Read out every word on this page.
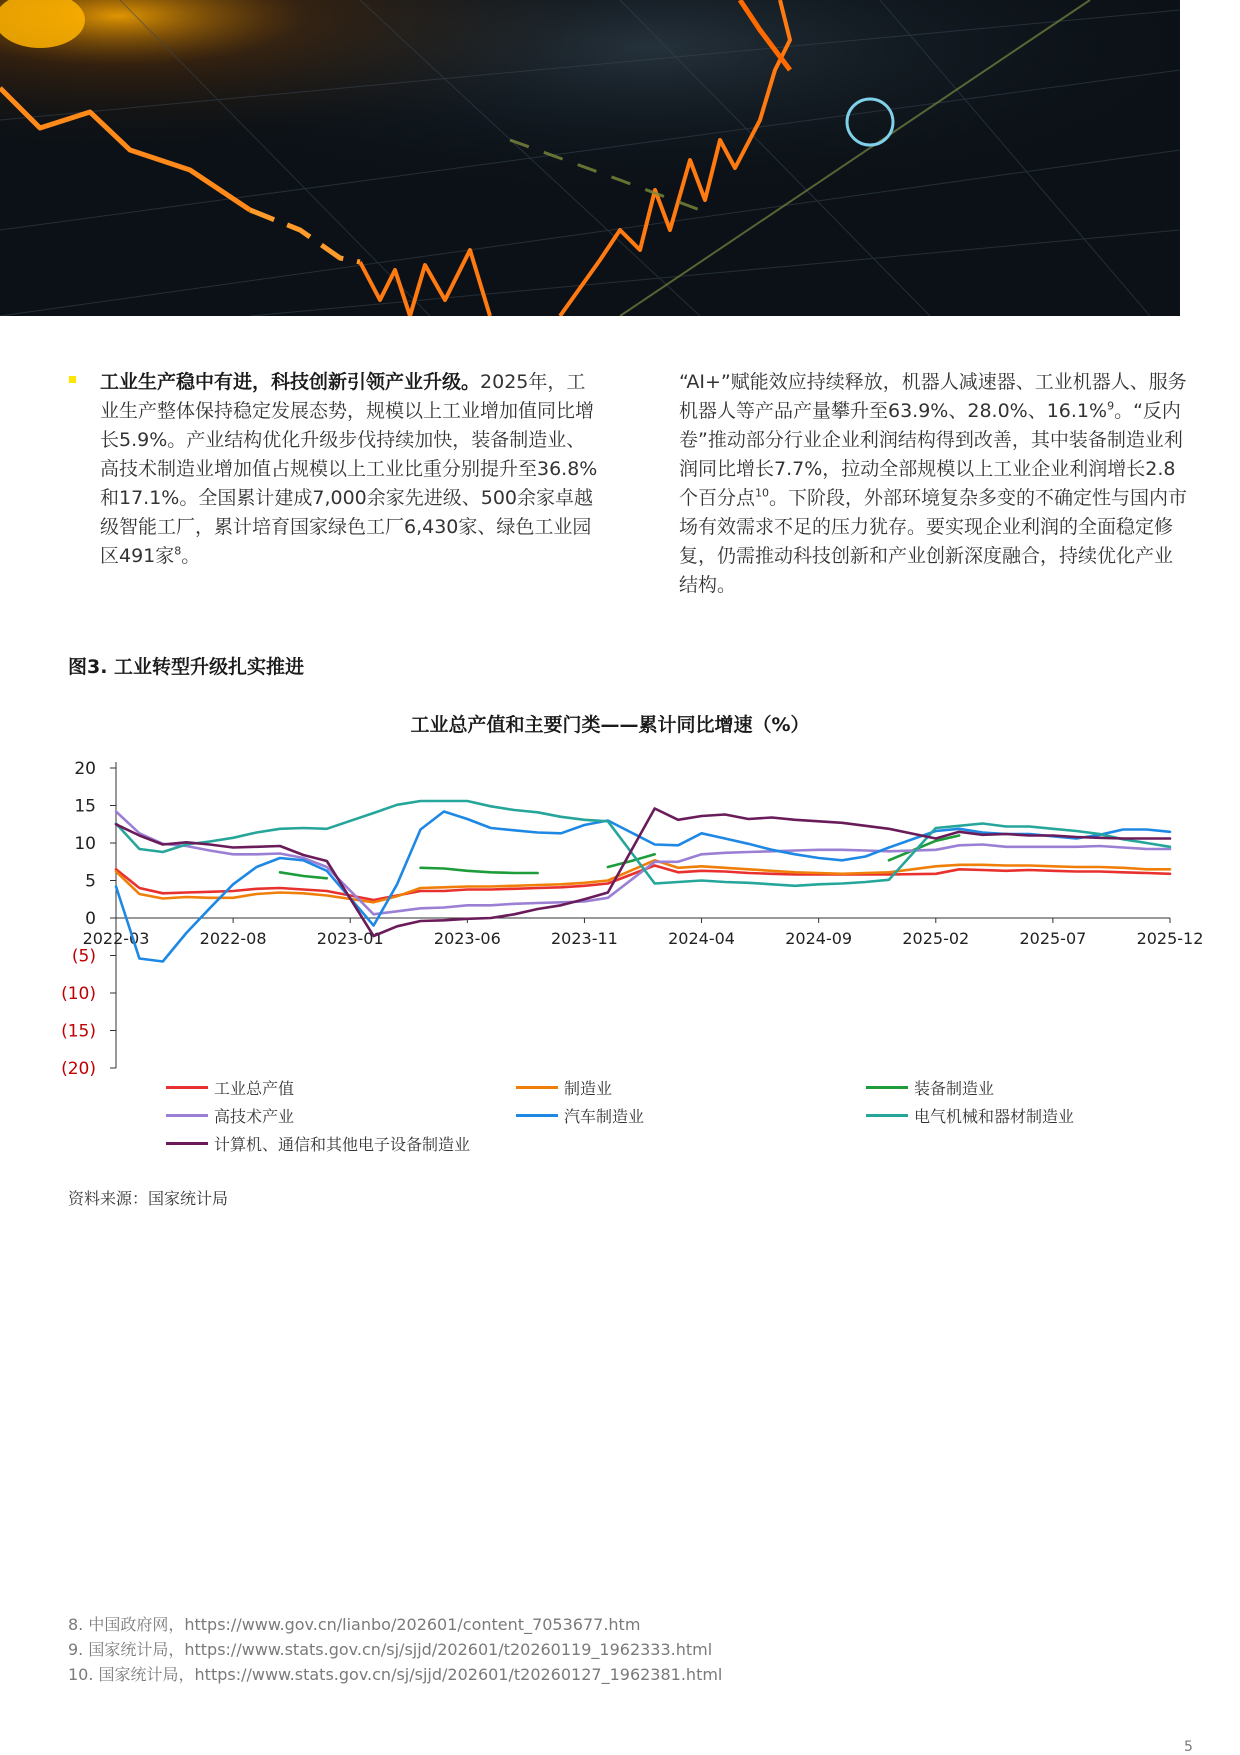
工业生产稳中有进，科技创新引领产业升级。2025年，工业生产整体保持稳定发展态势，规模以上工业增加值同比增长5.9%。产业结构优化升级步伐持续加快，装备制造业、高技术制造业增加值占规模以上工业比重分别提升至36.8%和17.1%。全国累计建成7,000余家先进级、500余家卓越级智能工厂，累计培育国家绿色工厂6,430家、绿色工业园区491家$^8$。
“AI+”赋能效应持续释放，机器人减速器、工业机器人、服务机器人等产品产量攀升至63.9%、28.0%、16.1%$^9$。“反内卷”推动部分行业企业利润结构得到改善，其中装备制造业利润同比增长7.7%，拉动全部规模以上工业企业利润增长2.8个百分点$^{10}$。下阶段，外部环境复杂多变的不确定性与国内市场有效需求不足的压力犹存。要实现企业利润的全面稳定修复，仍需推动科技创新和产业创新深度融合，持续优化产业结构。
图3. 工业转型升级扎实推进
工业总产值和主要门类——累计同比增速（%）
20
15
10
5
0
(5)
(10)
(15)
(20)
2022-03	2022-08	2023-01	2023-06	2023-11	2024-04	2024-09	2025-02	2025-07	2025-12
工业总产值	制造业	装备制造业
高技术产业	汽车制造业	电气机械和器材制造业
计算机、通信和其他电子设备制造业
资料来源：国家统计局
8. 中国政府网，https://www.gov.cn/lianbo/202601/content_7053677.htm
9. 国家统计局，https://www.stats.gov.cn/sj/sjjd/202601/t20260119_1962333.html
10. 国家统计局，https://www.stats.gov.cn/sj/sjjd/202601/t20260127_1962381.html
5
